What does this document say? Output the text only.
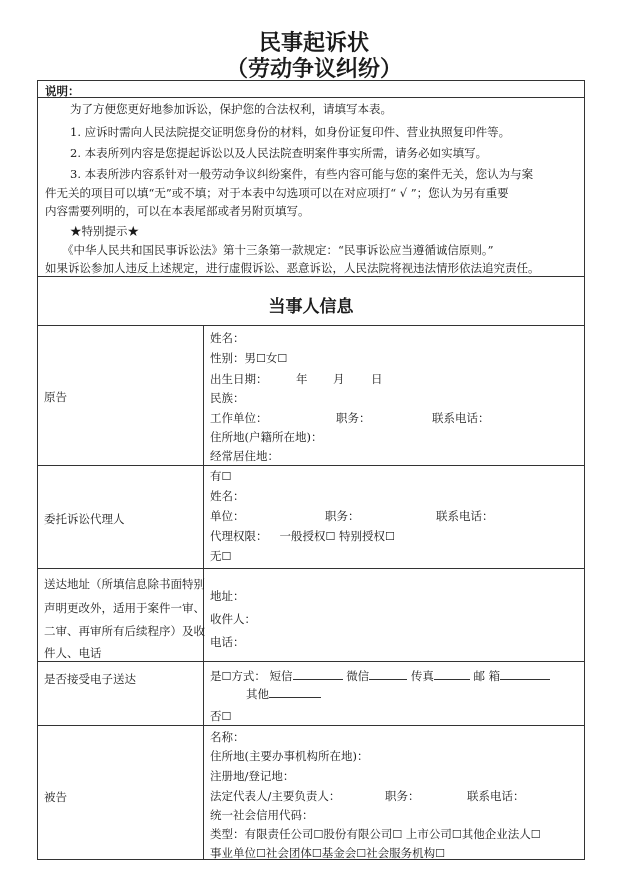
民事起诉状
（劳动争议纠纷）
说明：
为了方便您更好地参加诉讼，保护您的合法权利，请填写本表。
1. 应诉时需向人民法院提交证明您身份的材料，如身份证复印件、营业执照复印件等。
2. 本表所列内容是您提起诉讼以及人民法院查明案件事实所需，请务必如实填写。
3. 本表所涉内容系针对一般劳动争议纠纷案件，有些内容可能与您的案件无关，您认为与案
件无关的项目可以填“无”或不填；对于本表中勾选项可以在对应项打“ √ ”；您认为另有重要
内容需要列明的，可以在本表尾部或者另附页填写。
★特别提示★
《中华人民共和国民事诉讼法》第十三条第一款规定：“民事诉讼应当遵循诚信原则。”
如果诉讼参加人违反上述规定，进行虚假诉讼、恶意诉讼，人民法院将视违法情形依法追究责任。
当事人信息
原告
姓名：
性别：男☐女☐
出生日期： 年 月 日
民族：
工作单位：	职务：	联系电话：
住所地(户籍所在地)：
经常居住地：
委托诉讼代理人
有☐
姓名：
单位：	职务：	联系电话：
代理权限： 一般授权☐ 特别授权☐
无☐
送达地址（所填信息除书面特别
声明更改外，适用于案件一审、
二审、再审所有后续程序）及收
件人、电话
地址：
收件人：
电话：
是否接受电子送达	是☐方式： 短信	微信	传真	邮 箱
其他
否☐
被告
名称：
住所地(主要办事机构所在地)：
注册地/登记地：
法定代表人/主要负责人：	职务：	联系电话：
统一社会信用代码：
类型：有限责任公司☐股份有限公司☐ 上市公司☐其他企业法人☐
事业单位☐社会团体☐基金会☐社会服务机构☐
